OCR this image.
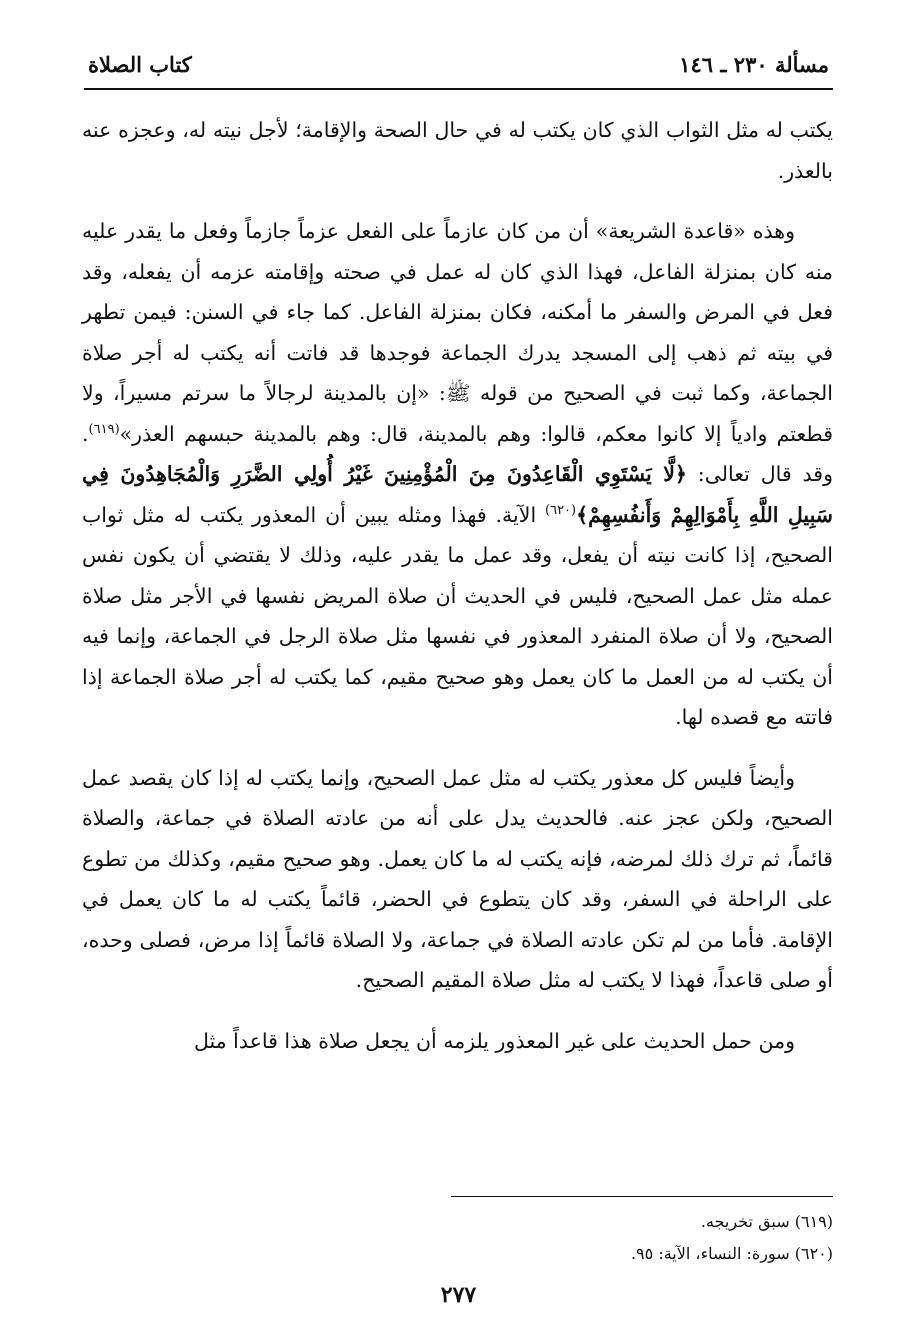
كتاب الصلاة	مسألة ٢٣٠ ـ ١٤٦

يكتب له مثل الثواب الذي كان يكتب له في حال الصحة والإقامة؛ لأجل نيته له، وعجزه عنه بالعذر.

وهذه «قاعدة الشريعة» أن من كان عازماً على الفعل عزماً جازماً وفعل ما يقدر عليه منه كان بمنزلة الفاعل، فهذا الذي كان له عمل في صحته وإقامته عزمه أن يفعله، وقد فعل في المرض والسفر ما أمكنه، فكان بمنزلة الفاعل. كما جاء في السنن: فيمن تطهر في بيته ثم ذهب إلى المسجد يدرك الجماعة فوجدها قد فاتت أنه يكتب له أجر صلاة الجماعة، وكما ثبت في الصحيح من قوله ﷺ: «إن بالمدينة لرجالاً ما سرتم مسيراً، ولا قطعتم وادياً إلا كانوا معكم، قالوا: وهم بالمدينة، قال: وهم بالمدينة حبسهم العذر»$^{(٦١٩)}$. وقد قال تعالى: ﴿لَّا يَسْتَوِي الْقَاعِدُونَ مِنَ الْمُؤْمِنِينَ غَيْرُ أُولِي الضَّرَرِ وَالْمُجَاهِدُونَ فِي سَبِيلِ اللَّهِ بِأَمْوَالِهِمْ وَأَنفُسِهِمْ﴾$^{(٦٢٠)}$ الآية. فهذا ومثله يبين أن المعذور يكتب له مثل ثواب الصحيح، إذا كانت نيته أن يفعل، وقد عمل ما يقدر عليه، وذلك لا يقتضي أن يكون نفس عمله مثل عمل الصحيح، فليس في الحديث أن صلاة المريض نفسها في الأجر مثل صلاة الصحيح، ولا أن صلاة المنفرد المعذور في نفسها مثل صلاة الرجل في الجماعة، وإنما فيه أن يكتب له من العمل ما كان يعمل وهو صحيح مقيم، كما يكتب له أجر صلاة الجماعة إذا فاتته مع قصده لها.

وأيضاً فليس كل معذور يكتب له مثل عمل الصحيح، وإنما يكتب له إذا كان يقصد عمل الصحيح، ولكن عجز عنه. فالحديث يدل على أنه من عادته الصلاة في جماعة، والصلاة قائماً، ثم ترك ذلك لمرضه، فإنه يكتب له ما كان يعمل. وهو صحيح مقيم، وكذلك من تطوع على الراحلة في السفر، وقد كان يتطوع في الحضر، قائماً يكتب له ما كان يعمل في الإقامة. فأما من لم تكن عادته الصلاة في جماعة، ولا الصلاة قائماً إذا مرض، فصلى وحده، أو صلى قاعداً، فهذا لا يكتب له مثل صلاة المقيم الصحيح.

ومن حمل الحديث على غير المعذور يلزمه أن يجعل صلاة هذا قاعداً مثل

(٦١٩) سبق تخريجه.
(٦٢٠) سورة: النساء، الآية: ٩٥.
٢٧٧
